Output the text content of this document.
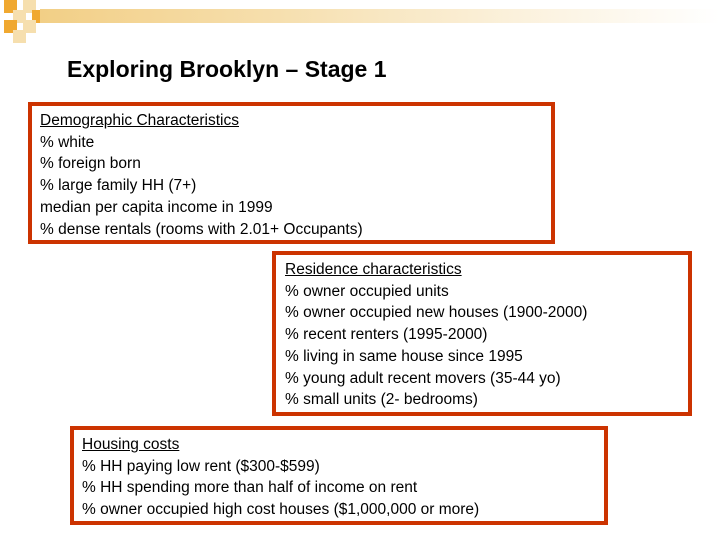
Exploring Brooklyn – Stage 1
Demographic Characteristics
% white
% foreign born
% large family HH (7+)
median per capita income in 1999
% dense rentals (rooms with 2.01+ Occupants)
Residence characteristics
% owner occupied units
% owner occupied new houses (1900-2000)
% recent renters (1995-2000)
% living in same house since 1995
% young adult recent movers (35-44 yo)
% small units (2- bedrooms)
Housing costs
% HH paying low rent ($300-$599)
% HH spending more than half of income on rent
% owner occupied high cost houses ($1,000,000 or more)
